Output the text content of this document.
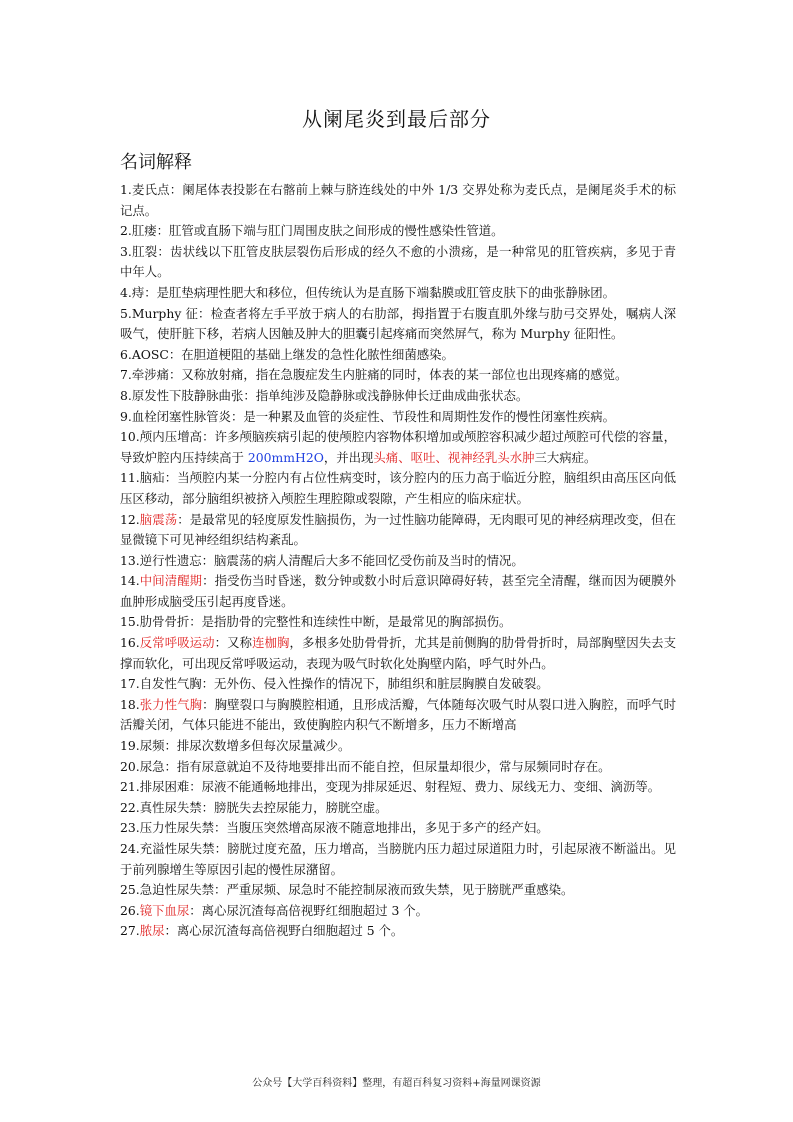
从阑尾炎到最后部分
名词解释

1.麦氏点：阑尾体表投影在右髂前上棘与脐连线处的中外 1/3 交界处称为麦氏点，是阑尾炎手术的标记点。

2.肛瘘：肛管或直肠下端与肛门周围皮肤之间形成的慢性感染性管道。

3.肛裂：齿状线以下肛管皮肤层裂伤后形成的经久不愈的小溃疡，是一种常见的肛管疾病，多见于青中年人。

4.痔：是肛垫病理性肥大和移位，但传统认为是直肠下端黏膜或肛管皮肤下的曲张静脉团。

5.Murphy 征：检查者将左手平放于病人的右肋部，拇指置于右腹直肌外缘与肋弓交界处，嘱病人深吸气，使肝脏下移，若病人因触及肿大的胆囊引起疼痛而突然屏气，称为 Murphy 征阳性。

6.AOSC：在胆道梗阻的基础上继发的急性化脓性细菌感染。

7.牵涉痛：又称放射痛，指在急腹症发生内脏痛的同时，体表的某一部位也出现疼痛的感觉。

8.原发性下肢静脉曲张：指单纯涉及隐静脉或浅静脉伸长迂曲成曲张状态。

9.血栓闭塞性脉管炎：是一种累及血管的炎症性、节段性和周期性发作的慢性闭塞性疾病。

10.颅内压增高：许多颅脑疾病引起的使颅腔内容物体积增加或颅腔容积减少超过颅腔可代偿的容量，导致炉腔内压持续高于 200mmH2O，并出现头痛、呕吐、视神经乳头水肿三大病症。

11.脑疝：当颅腔内某一分腔内有占位性病变时，该分腔内的压力高于临近分腔，脑组织由高压区向低压区移动，部分脑组织被挤入颅腔生理腔隙或裂隙，产生相应的临床症状。

12.脑震荡：是最常见的轻度原发性脑损伤，为一过性脑功能障碍，无肉眼可见的神经病理改变，但在显微镜下可见神经组织结构紊乱。

13.逆行性遗忘：脑震荡的病人清醒后大多不能回忆受伤前及当时的情况。

14.中间清醒期：指受伤当时昏迷，数分钟或数小时后意识障碍好转，甚至完全清醒，继而因为硬膜外血肿形成脑受压引起再度昏迷。

15.肋骨骨折：是指肋骨的完整性和连续性中断，是最常见的胸部损伤。

16.反常呼吸运动：又称连枷胸，多根多处肋骨骨折，尤其是前侧胸的肋骨骨折时，局部胸壁因失去支撑而软化，可出现反常呼吸运动，表现为吸气时软化处胸壁内陷，呼气时外凸。

17.自发性气胸：无外伤、侵入性操作的情况下，肺组织和脏层胸膜自发破裂。

18.张力性气胸：胸壁裂口与胸膜腔相通，且形成活瓣，气体随每次吸气时从裂口进入胸腔，而呼气时活瓣关闭，气体只能进不能出，致使胸腔内积气不断增多，压力不断增高

19.尿频：排尿次数增多但每次尿量减少。

20.尿急：指有尿意就迫不及待地要排出而不能自控，但尿量却很少，常与尿频同时存在。

21.排尿困难：尿液不能通畅地排出，变现为排尿延迟、射程短、费力、尿线无力、变细、滴沥等。

22.真性尿失禁：膀胱失去控尿能力，膀胱空虚。

23.压力性尿失禁：当腹压突然增高尿液不随意地排出，多见于多产的经产妇。

24.充溢性尿失禁：膀胱过度充盈，压力增高，当膀胱内压力超过尿道阻力时，引起尿液不断溢出。见于前列腺增生等原因引起的慢性尿潴留。

25.急迫性尿失禁：严重尿频、尿急时不能控制尿液而致失禁，见于膀胱严重感染。

26.镜下血尿：离心尿沉渣每高倍视野红细胞超过 3 个。

27.脓尿：离心尿沉渣每高倍视野白细胞超过 5 个。

公众号【大学百科资料】整理，有超百科复习资料+海量网课资源
